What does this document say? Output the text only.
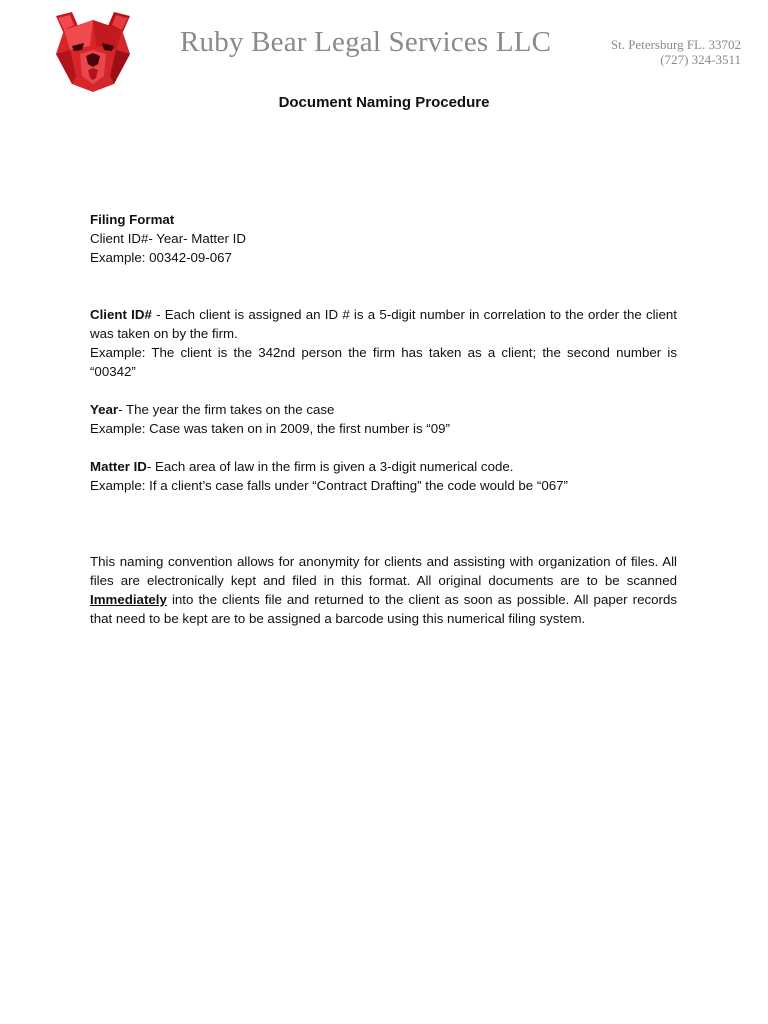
Ruby Bear Legal Services LLC	St. Petersburg FL. 33702
(727) 324-3511
Document Naming Procedure

Filing Format

Client ID#- Year- Matter ID

Example: 00342-09-067

Client ID# - Each client is assigned an ID # is a 5-digit number in correlation to the order the client was taken on by the firm.

Example: The client is the 342nd person the firm has taken as a client; the second number is “00342”

Year- The year the firm takes on the case

Example: Case was taken on in 2009, the first number is “09”

Matter ID- Each area of law in the firm is given a 3-digit numerical code.

Example: If a client’s case falls under “Contract Drafting” the code would be “067”

This naming convention allows for anonymity for clients and assisting with organization of files. All files are electronically kept and filed in this format. All original documents are to be scanned Immediately into the clients file and returned to the client as soon as possible. All paper records that need to be kept are to be assigned a barcode using this numerical filing system.
